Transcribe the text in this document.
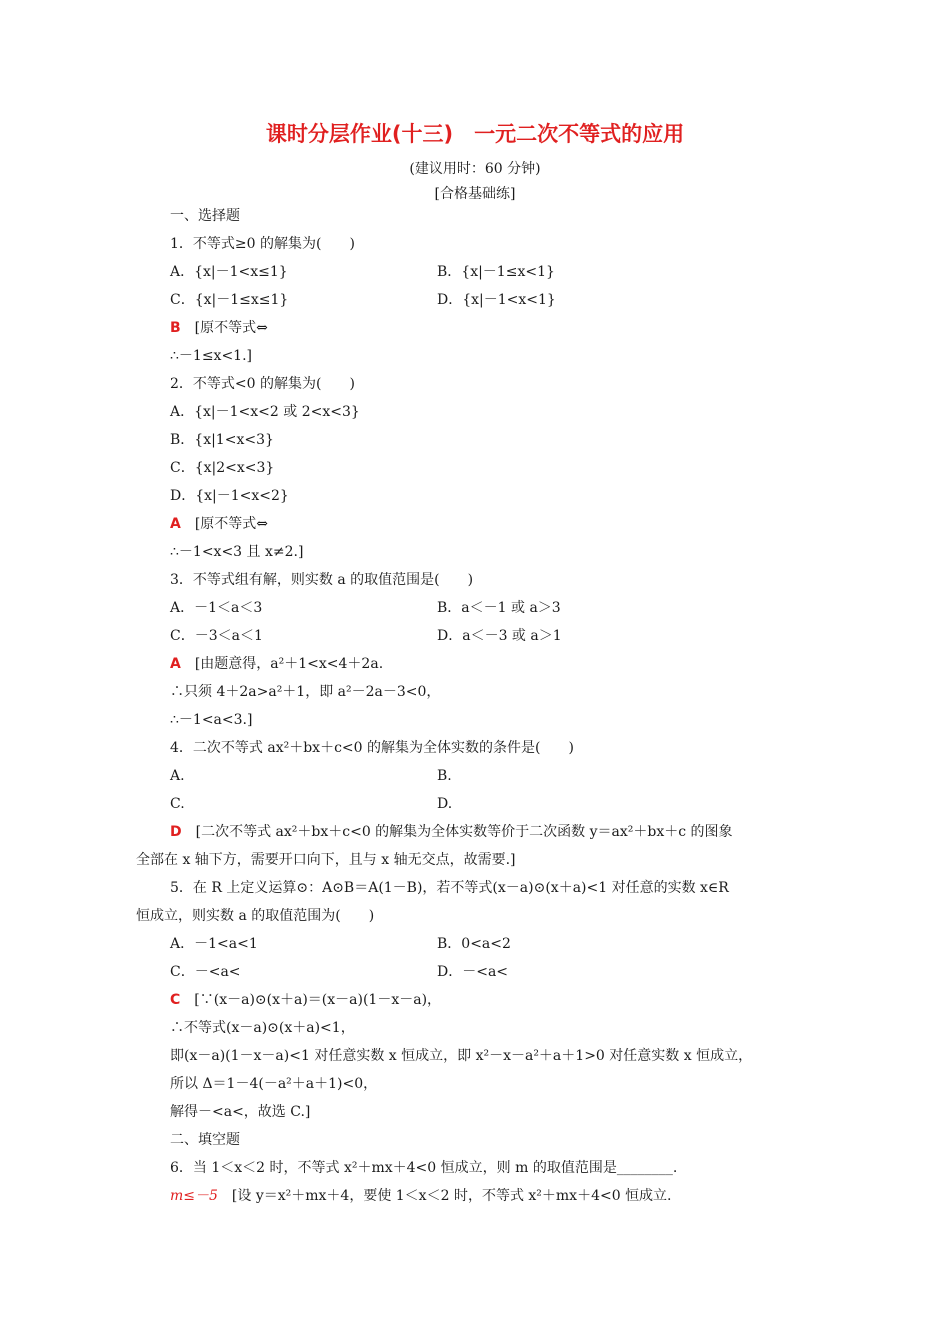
课时分层作业(十三)　一元二次不等式的应用
(建议用时：60 分钟)
[合格基础练]
一、选择题
1．不等式≥0 的解集为(　　)
A．{x|－1<x≤1}	B．{x|－1≤x<1}
C．{x|－1≤x≤1}	D．{x|－1<x<1}
B　 [原不等式⇔
∴－1≤x<1.]
2．不等式<0 的解集为(　　)
A．{x|－1<x<2 或 2<x<3}
B．{x|1<x<3}
C．{x|2<x<3}
D．{x|－1<x<2}
A　 [原不等式⇔
∴－1<x<3 且 x≠2.]
3．不等式组有解，则实数 a 的取值范围是(　　)
A．－1＜a＜3	B．a＜－1 或 a＞3
C．－3＜a＜1	D．a＜－3 或 a＞1
A　 [由题意得，a²＋1<x<4＋2a.
∴只须 4＋2a>a²＋1，即 a²－2a－3<0，
∴－1<a<3.]
4．二次不等式 ax²＋bx＋c<0 的解集为全体实数的条件是(　　)
A.	B.
C.	D.
D　 [二次不等式 ax²＋bx＋c<0 的解集为全体实数等价于二次函数 y＝ax²＋bx＋c 的图象
全部在 x 轴下方，需要开口向下，且与 x 轴无交点，故需要.]
5．在 R 上定义运算⊙：A⊙B＝A(1－B)，若不等式(x－a)⊙(x＋a)<1 对任意的实数 x∈R
恒成立，则实数 a 的取值范围为(　　)
A．－1<a<1	B．0<a<2
C．－<a<	D．－<a<
C　 [∵(x－a)⊙(x＋a)＝(x－a)(1－x－a)，
∴不等式(x－a)⊙(x＋a)<1，
即(x－a)(1－x－a)<1 对任意实数 x 恒成立，即 x²－x－a²＋a＋1>0 对任意实数 x 恒成立，
所以 Δ＝1－4(－a²＋a＋1)<0，
解得－<a<，故选 C.]
二、填空题
6．当 1＜x＜2 时，不等式 x²＋mx＋4<0 恒成立，则 m 的取值范围是________.
m≤－5　 [设 y＝x²＋mx＋4，要使 1＜x＜2 时，不等式 x²＋mx＋4<0 恒成立.
